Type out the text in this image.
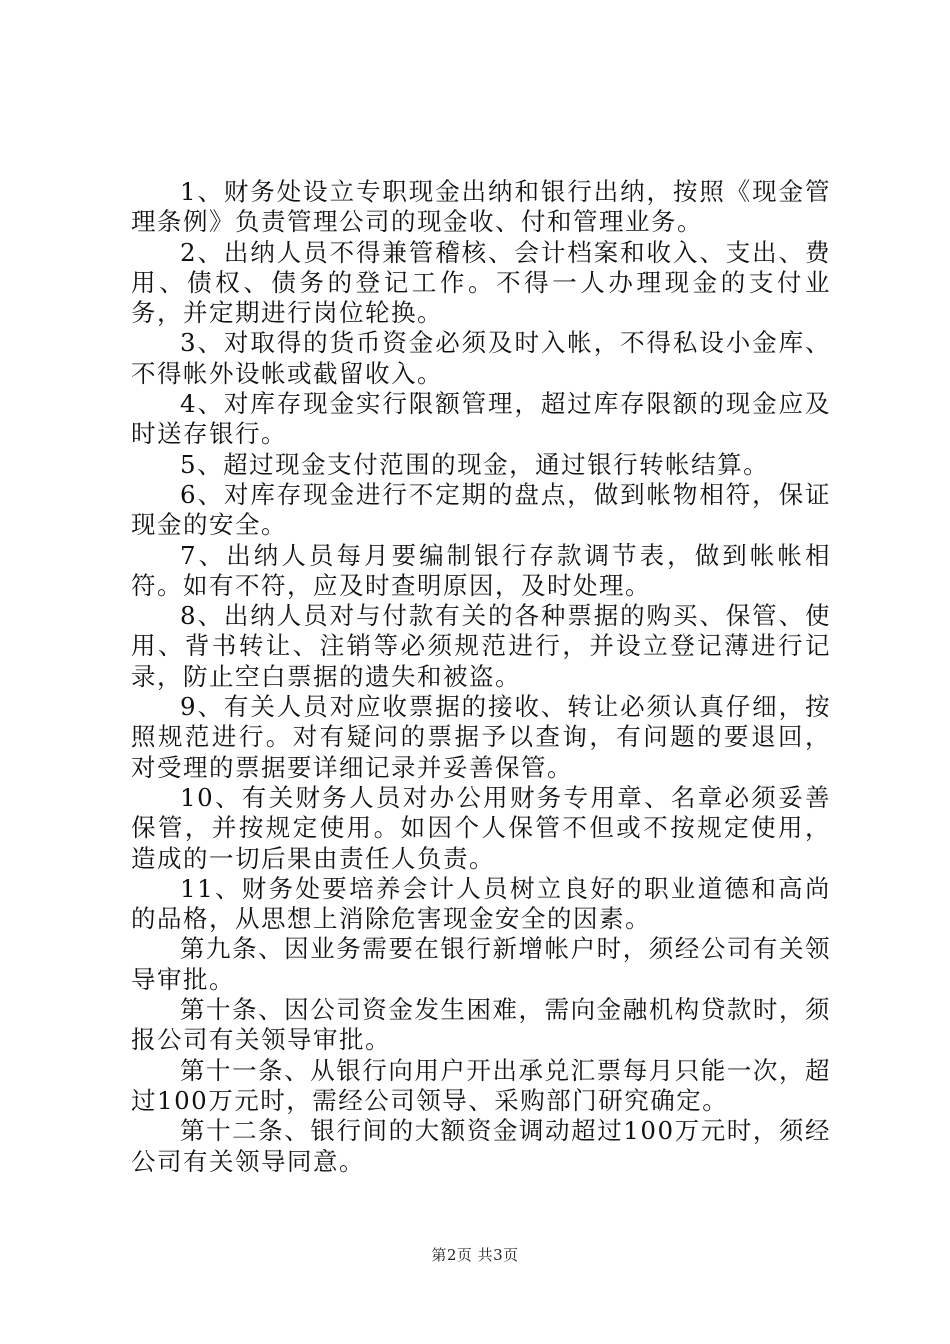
1、财务处设立专职现金出纳和银行出纳，按照《现金管理条例》负责管理公司的现金收、付和管理业务。

2、出纳人员不得兼管稽核、会计档案和收入、支出、费用、债权、债务的登记工作。不得一人办理现金的支付业务，并定期进行岗位轮换。

3、对取得的货币资金必须及时入帐，不得私设小金库、不得帐外设帐或截留收入。

4、对库存现金实行限额管理，超过库存限额的现金应及时送存银行。

5、超过现金支付范围的现金，通过银行转帐结算。

6、对库存现金进行不定期的盘点，做到帐物相符，保证现金的安全。

7、出纳人员每月要编制银行存款调节表，做到帐帐相符。如有不符，应及时查明原因，及时处理。

8、出纳人员对与付款有关的各种票据的购买、保管、使用、背书转让、注销等必须规范进行，并设立登记薄进行记录，防止空白票据的遗失和被盗。

9、有关人员对应收票据的接收、转让必须认真仔细，按照规范进行。对有疑问的票据予以查询，有问题的要退回，对受理的票据要详细记录并妥善保管。

10、有关财务人员对办公用财务专用章、名章必须妥善保管，并按规定使用。如因个人保管不但或不按规定使用，造成的一切后果由责任人负责。

11、财务处要培养会计人员树立良好的职业道德和高尚的品格，从思想上消除危害现金安全的因素。

第九条、因业务需要在银行新增帐户时，须经公司有关领导审批。

第十条、因公司资金发生困难，需向金融机构贷款时，须报公司有关领导审批。

第十一条、从银行向用户开出承兑汇票每月只能一次，超过100万元时，需经公司领导、采购部门研究确定。

第十二条、银行间的大额资金调动超过100万元时，须经公司有关领导同意。

第2页 共3页
